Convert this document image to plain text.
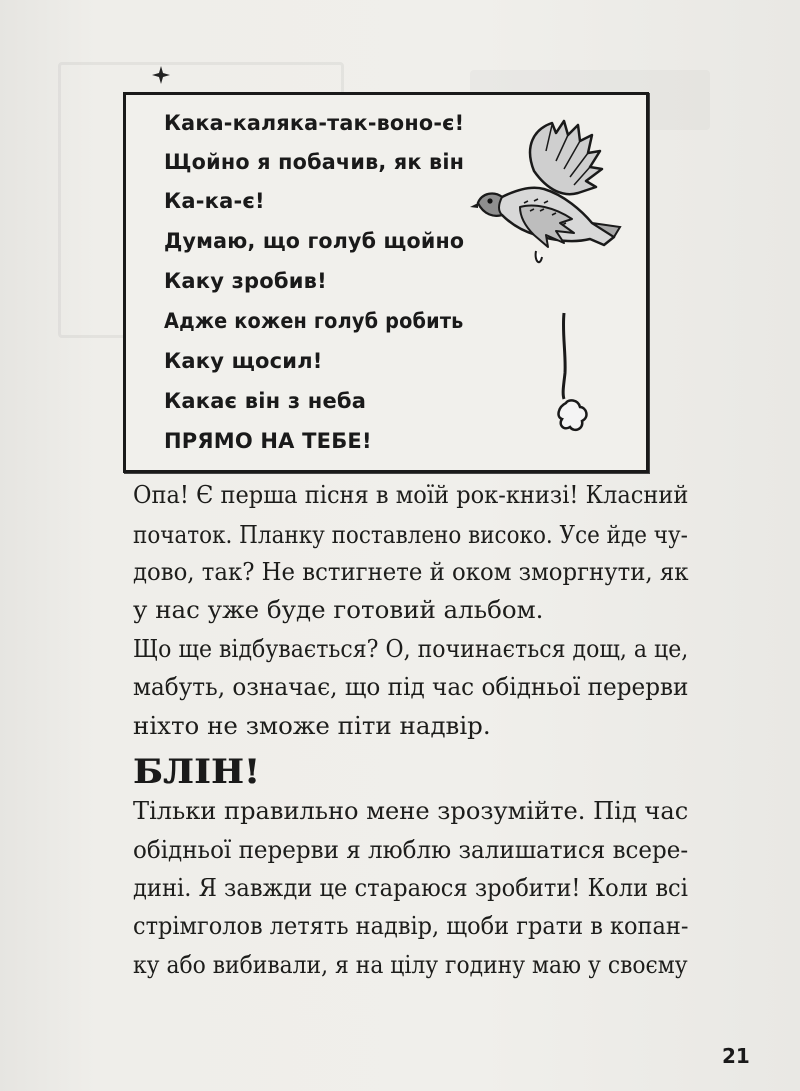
Кака-каляка-так-воно-є!
Щойно я побачив, як він
Ка-ка-є!
Думаю, що голуб щойно
Каку зробив!
Адже кожен голуб робить
Каку щосил!
Какає він з неба
ПРЯМО НА ТЕБЕ!
Опа! Є перша пісня в моїй рок-книзі! Класний
початок. Планку поставлено високо. Усе йде чу-
дово, так? Не встигнете й оком зморгнути, як
у нас уже буде готовий альбом.
Що ще відбувається? О, починається дощ, а це,
мабуть, означає, що під час обідньої перерви
ніхто не зможе піти надвір.
БЛІН!
Тільки правильно мене зрозумійте. Під час
обідньої перерви я люблю залишатися всере-
дині. Я завжди це стараюся зробити! Коли всі
стрімголов летять надвір, щоби грати в копан-
ку або вибивали, я на цілу годину маю у своєму
21
